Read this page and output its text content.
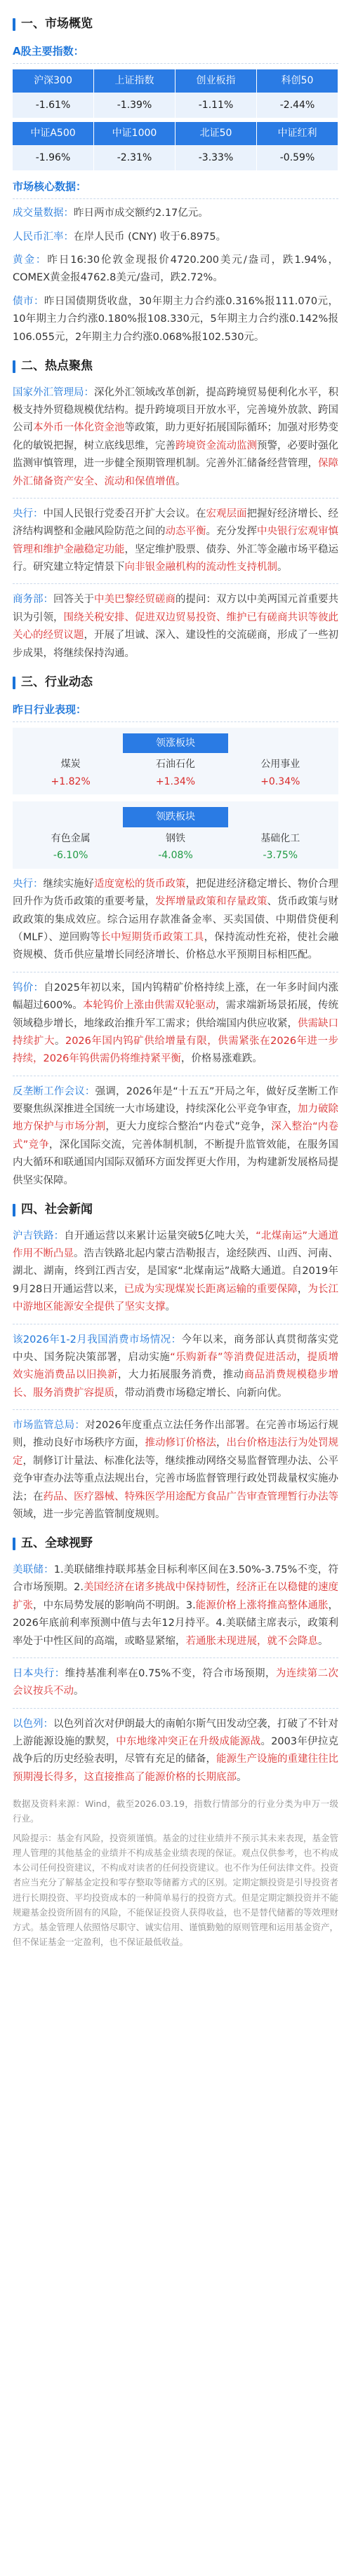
一、市场概览
A股主要指数：
沪深300	上证指数	创业板指	科创50
-1.61%	-1.39%	-1.11%	-2.44%

中证A500	中证1000	北证50	中证红利
-1.96%	-2.31%	-3.33%	-0.59%
市场核心数据：

成交量数据：昨日两市成交额约2.17亿元。

人民币汇率：在岸人民币 (CNY) 收于6.8975。

黄金：昨日16:30伦敦金现报价4720.200美元/盎司，跌1.94%，COMEX黄金报4762.8美元/盎司，跌2.72%。

债市：昨日国债期货收盘，30年期主力合约涨0.316%报111.070元，10年期主力合约涨0.180%报108.330元，5年期主力合约涨0.142%报106.055元，2年期主力合约涨0.068%报102.530元。

二、热点聚焦

国家外汇管理局：深化外汇领域改革创新，提高跨境贸易便利化水平，积极支持外贸稳规模优结构。提升跨境项目开放水平，完善境外放款、跨国公司本外币一体化资金池等政策，助力更好拓展国际循环；加强对形势变化的敏锐把握，树立底线思维，完善跨境资金流动监测预警，必要时强化监测审慎管理，进一步健全预期管理机制。完善外汇储备经营管理，保障外汇储备资产安全、流动和保值增值。

央行：中国人民银行党委召开扩大会议。在宏观层面把握好经济增长、经济结构调整和金融风险防范之间的动态平衡。充分发挥中央银行宏观审慎管理和维护金融稳定功能，坚定维护股票、债券、外汇等金融市场平稳运行。研究建立特定情景下向非银金融机构的流动性支持机制。

商务部：回答关于中美巴黎经贸磋商的提问：双方以中美两国元首重要共识为引领，围绕关税安排、促进双边贸易投资、维护已有磋商共识等彼此关心的经贸议题，开展了坦诚、深入、建设性的交流磋商，形成了一些初步成果，将继续保持沟通。

三、行业动态
昨日行业表现：
领涨板块
煤炭	石油石化	公用事业
+1.82%	+1.34%	+0.34%
领跌板块
有色金属	钢铁	基础化工
-6.10%	-4.08%	-3.75%

央行：继续实施好适度宽松的货币政策，把促进经济稳定增长、物价合理回升作为货币政策的重要考量，发挥增量政策和存量政策、货币政策与财政政策的集成效应。综合运用存款准备金率、买卖国债、中期借贷便利（MLF）、逆回购等长中短期货币政策工具，保持流动性充裕，使社会融资规模、货币供应量增长同经济增长、价格总水平预期目标相匹配。

钨价：自2025年初以来，国内钨精矿价格持续上涨，在一年多时间内涨幅超过600%。本轮钨价上涨由供需双轮驱动，需求端新场景拓展，传统领域稳步增长，地缘政治推升军工需求；供给端国内供应收紧，供需缺口持续扩大。2026年国内钨矿供给增量有限，供需紧张在2026年进一步持续，2026年钨供需仍将维持紧平衡，价格易涨难跌。

反垄断工作会议：强调，2026年是“十五五”开局之年，做好反垄断工作要聚焦纵深推进全国统一大市场建设，持续深化公平竞争审查，加力破除地方保护与市场分割，更大力度综合整治“内卷式”竞争，深入整治“内卷式”竞争，深化国际交流，完善体制机制，不断提升监管效能，在服务国内大循环和联通国内国际双循环方面发挥更大作用，为构建新发展格局提供坚实保障。

四、社会新闻

沪吉铁路：自开通运营以来累计运量突破5亿吨大关，“北煤南运”大通道作用不断凸显。浩吉铁路北起内蒙古浩勒报吉，途经陕西、山西、河南、湖北、湖南，终到江西吉安，是国家“北煤南运”战略大通道。自2019年9月28日开通运营以来，已成为实现煤炭长距离运输的重要保障，为长江中游地区能源安全提供了坚实支撑。

该2026年1-2月我国消费市场情况：今年以来，商务部认真贯彻落实党中央、国务院决策部署，启动实施“乐购新春”等消费促进活动，提质增效实施消费品以旧换新，大力拓展服务消费，推动商品消费规模稳步增长、服务消费扩容提质，带动消费市场稳定增长、向新向优。

市场监管总局：对2026年度重点立法任务作出部署。在完善市场运行规则，推动良好市场秩序方面，推动修订价格法，出台价格违法行为处罚规定，制修订计量法、标准化法等，继续推动网络交易监督管理办法、公平竞争审查办法等重点法规出台，完善市场监督管理行政处罚裁量权实施办法；在药品、医疗器械、特殊医学用途配方食品广告审查管理暂行办法等领域，进一步完善监管制度规则。

五、全球视野

美联储：1.美联储维持联邦基金目标利率区间在3.50%-3.75%不变，符合市场预期。2.美国经济在诸多挑战中保持韧性，经济正在以稳健的速度扩张，中东局势发展的影响尚不明朗。3.能源价格上涨将推高整体通胀，2026年底前利率预测中值与去年12月持平。4.美联储主席表示，政策利率处于中性区间的高端，或略显紧缩，若通胀未现进展，就不会降息。

日本央行：维持基准利率在0.75%不变，符合市场预期，为连续第二次会议按兵不动。

以色列：以色列首次对伊朗最大的南帕尔斯气田发动空袭，打破了不针对上游能源设施的默契，中东地缘冲突正在升级成能源战。2003年伊拉克战争后的历史经验表明，尽管有充足的储备，能源生产设施的重建往往比预期漫长得多，这直接推高了能源价格的长期底部。

数据及资料来源：Wind，截至2026.03.19，指数行情部分的行业分类为申万一级行业。

风险提示：基金有风险，投资须谨慎。基金的过往业绩并不预示其未来表现，基金管理人管理的其他基金的业绩并不构成基金业绩表现的保证。观点仅供参考，也不构成本公司任何投资建议，不构成对读者的任何投资建议。也不作为任何法律文件。投资者应当充分了解基金定投和零存整取等储蓄方式的区别。定期定额投资是引导投资者进行长期投资、平均投资成本的一种简单易行的投资方式。但是定期定额投资并不能规避基金投资所固有的风险，不能保证投资人获得收益，也不是替代储蓄的等效理财方式。基金管理人依照恪尽职守、诚实信用、谨慎勤勉的原则管理和运用基金资产，但不保证基金一定盈利，也不保证最低收益。
